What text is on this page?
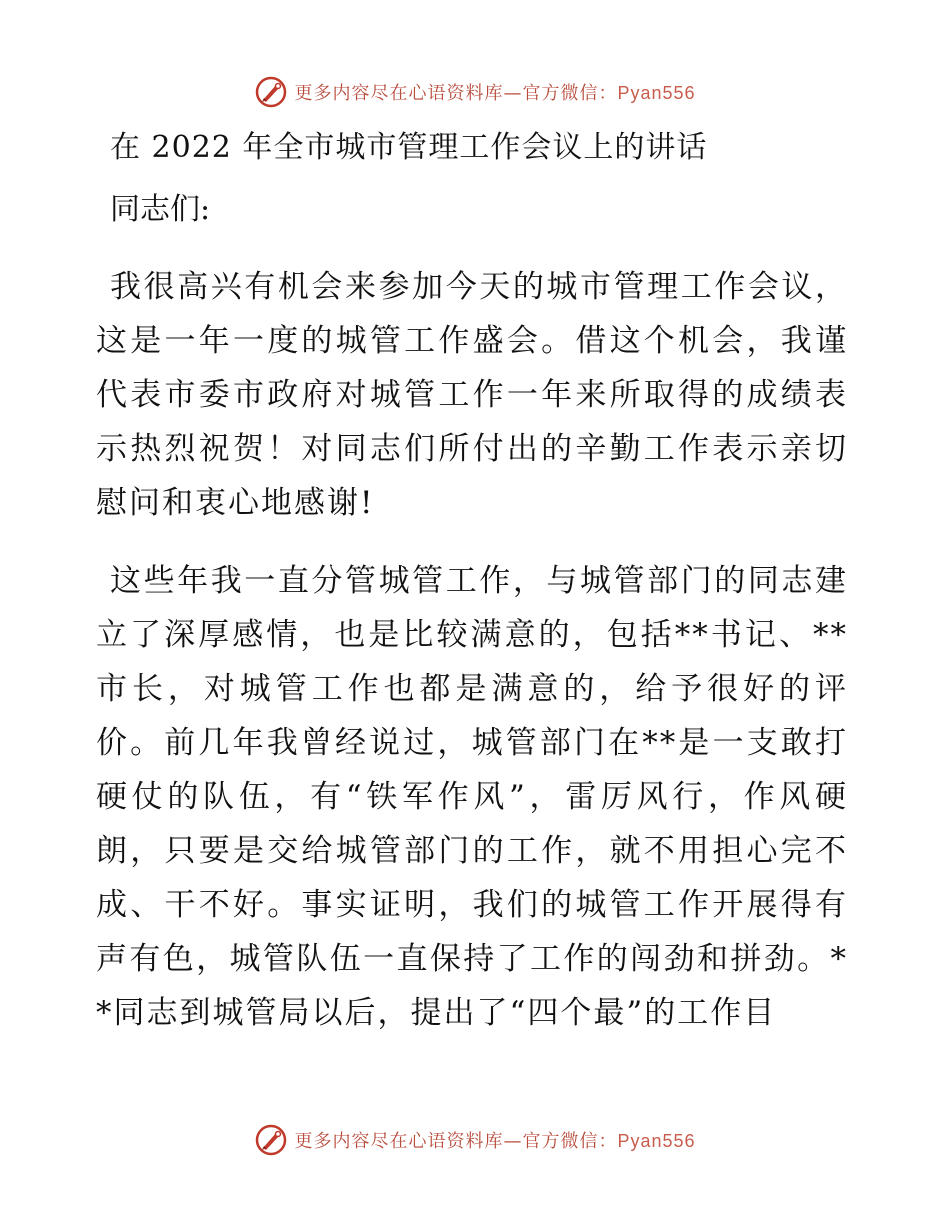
更多内容尽在心语资料库—官方微信：Pyan556
在 2022 年全市城市管理工作会议上的讲话

同志们:

我很高兴有机会来参加今天的城市管理工作会议，这是一年一度的城管工作盛会。借这个机会，我谨代表市委市政府对城管工作一年来所取得的成绩表示热烈祝贺！对同志们所付出的辛勤工作表示亲切慰问和衷心地感谢!

这些年我一直分管城管工作，与城管部门的同志建立了深厚感情，也是比较满意的，包括**书记、**市长，对城管工作也都是满意的，给予很好的评价。前几年我曾经说过，城管部门在**是一支敢打硬仗的队伍，有“铁军作风”，雷厉风行，作风硬朗，只要是交给城管部门的工作，就不用担心完不成、干不好。事实证明，我们的城管工作开展得有声有色，城管队伍一直保持了工作的闯劲和拼劲。**同志到城管局以后，提出了“四个最”的工作目

更多内容尽在心语资料库—官方微信：Pyan556
